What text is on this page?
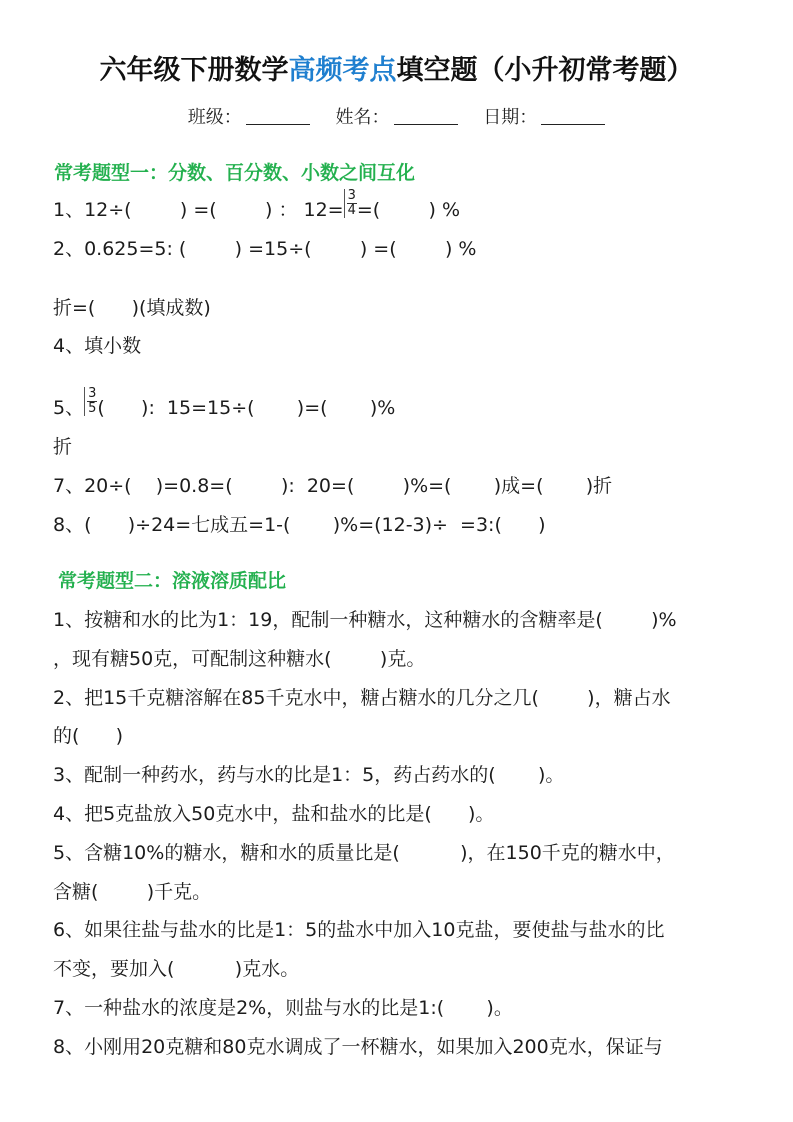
六年级下册数学高频考点填空题（小升初常考题）
班级：	姓名：	日期：
常考题型一：分数、百分数、小数之间互化
1、12÷(        ) =(        ) ： $12= \frac{3}{4}$ =(        ) %
2、0.625=5: (        ) =15÷(        ) =(        ) %
折=(      )(填成数)
4、填小数
5、 $\frac{3}{5}$ (      ):  15=15÷(       )=(       )%
折
7、20÷(    )=0.8=(        ):  20=(        )%=(       )成=(       )折
8、(      )÷24=七成五=1-(       )%=(12-3)÷  =3:(      )
常考题型二：溶液溶质配比
1、按糖和水的比为1：19，配制一种糖水，这种糖水的含糖率是(        )%
，现有糖50克，可配制这种糖水(        )克。
2、把15千克糖溶解在85千克水中，糖占糖水的几分之几(        )，糖占水
的(      )
3、配制一种药水，药与水的比是1：5，药占药水的(       )。
4、把5克盐放入50克水中，盐和盐水的比是(      )。
5、含糖10%的糖水，糖和水的质量比是(          )，在150千克的糖水中，
含糖(        )千克。
6、如果往盐与盐水的比是1：5的盐水中加入10克盐，要使盐与盐水的比
不变，要加入(          )克水。
7、一种盐水的浓度是2%，则盐与水的比是1:(       )。
8、小刚用20克糖和80克水调成了一杯糖水，如果加入200克水，保证与
